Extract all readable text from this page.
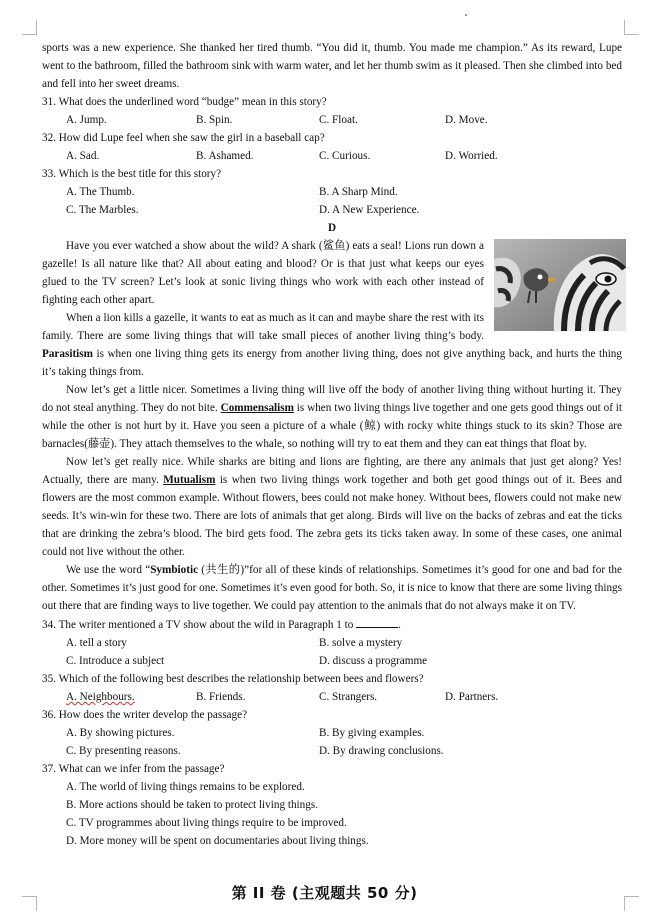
sports was a new experience. She thanked her tired thumb. “You did it, thumb. You made me champion.” As its reward, Lupe went to the bathroom, filled the bathroom sink with warm water, and let her thumb swim as it pleased. Then she climbed into bed and fell into her sweet dreams.

31. What does the underlined word “budge” mean in this story?

A. Jump.	B. Spin.	C. Float.	D. Move.

32. How did Lupe feel when she saw the girl in a baseball cap?

A. Sad.	B. Ashamed.	C. Curious.	D. Worried.

33. Which is the best title for this story?

A. The Thumb.	B. A Sharp Mind.
C. The Marbles.	D. A New Experience.

D

Have you ever watched a show about the wild? A shark (鲨鱼) eats a seal! Lions run down a gazelle! Is all nature like that? All about eating and blood? Or is that just what keeps our eyes glued to the TV screen? Let’s look at sonic living things who work with each other instead of fighting each other apart.

When a lion kills a gazelle, it wants to eat as much as it can and maybe share the rest with its family. There are some living things that will take small pieces of another living thing’s body. Parasitism is when one living thing gets its energy from another living thing, does not give anything back, and hurts the thing it’s taking things from.

Now let’s get a little nicer. Sometimes a living thing will live off the body of another living thing without hurting it. They do not steal anything. They do not bite. Commensalism is when two living things live together and one gets good things out of it while the other is not hurt by it. Have you seen a picture of a whale (鲸) with rocky white things stuck to its skin? Those are barnacles(藤壶). They attach themselves to the whale, so nothing will try to eat them and they can eat things that float by.

Now let’s get really nice. While sharks are biting and lions are fighting, are there any animals that just get along? Yes! Actually, there are many. Mutualism is when two living things work together and both get good things out of it. Bees and flowers are the most common example. Without flowers, bees could not make honey. Without bees, flowers could not make new seeds. It’s win-win for these two. There are lots of animals that get along. Birds will live on the backs of zebras and eat the ticks that are drinking the zebra’s blood. The bird gets food. The zebra gets its ticks taken away. In some of these cases, one animal could not live without the other.

We use the word “Symbiotic (共生的)”for all of these kinds of relationships. Sometimes it’s good for one and bad for the other. Sometimes it’s just good for one. Sometimes it’s even good for both. So, it is nice to know that there are some living things out there that are finding ways to live together. We could pay attention to the animals that do not always make it on TV.

34. The writer mentioned a TV show about the wild in Paragraph 1 to	.

A. tell a story	B. solve a mystery
C. Introduce a subject	D. discuss a programme

35. Which of the following best describes the relationship between bees and flowers?

A. Neighbours.	B. Friends.	C. Strangers.	D. Partners.

36. How does the writer develop the passage?

A. By showing pictures.	B. By giving examples.
C. By presenting reasons.	D. By drawing conclusions.

37. What can we infer from the passage?

A. The world of living things remains to be explored.

B. More actions should be taken to protect living things.

C. TV programmes about living things require to be improved.

D. More money will be spent on documentaries about living things.

第 II 卷 (主观题共 50 分)
